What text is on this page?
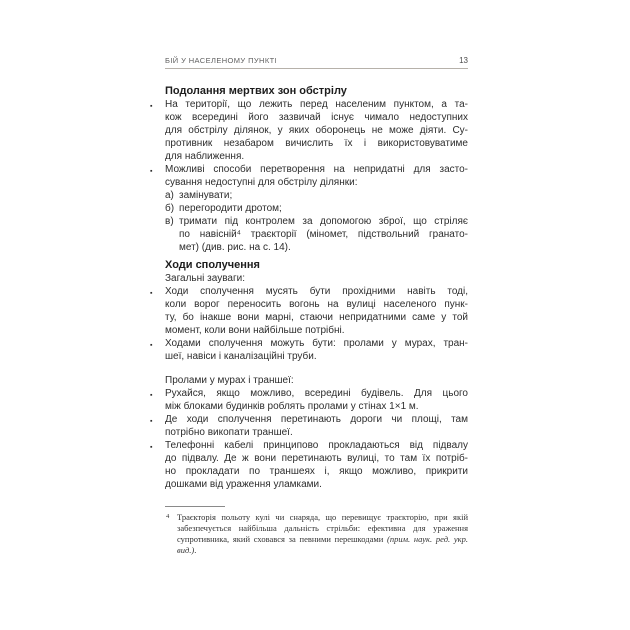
БІЙ У НАСЕЛЕНОМУ ПУНКТІ	13
Подолання мертвих зон обстрілу
▪ На території, що лежить перед населеним пунктом, а та-
кож всередині його зазвичай існує чимало недоступних
для обстрілу ділянок, у яких оборонець не може діяти. Су-
противник незабаром вичислить їх і використовуватиме
для наближення.
▪ Можливі способи перетворення на непридатні для засто-
сування недоступні для обстрілу ділянки:
а) замінувати;
б) перегородити дротом;
в) тримати під контролем за допомогою зброї, що стріляє
по навісній⁴ траєкторії (міномет, підствольний гранато-
мет) (див. рис. на с. 14).
Ходи сполучення
Загальні зауваги:
▪ Ходи сполучення мусять бути прохідними навіть тоді,
коли ворог переносить вогонь на вулиці населеного пунк-
ту, бо інакше вони марні, стаючи непридатними саме у той
момент, коли вони найбільше потрібні.
▪ Ходами сполучення можуть бути: пролами у мурах, тран-
шеї, навіси і каналізаційні труби.
Пролами у мурах і траншеї:
▪ Рухайся, якщо можливо, всередині будівель. Для цього
між блоками будинків роблять пролами у стінах 1×1 м.
▪ Де ходи сполучення перетинають дороги чи площі, там
потрібно викопати траншеї.
▪ Телефонні кабелі принципово прокладаються від підвалу
до підвалу. Де ж вони перетинають вулиці, то там їх потріб-
но прокладати по траншеях і, якщо можливо, прикрити
дошками від ураження уламками.
4 Траєкторія польоту кулі чи снаряда, що перевищує траєкторію, при якій забезпечується найбільша дальність стрільби: ефективна для ураження супротивника, який сховався за певними перешкодами (прим. наук. ред. укр. вид.).
